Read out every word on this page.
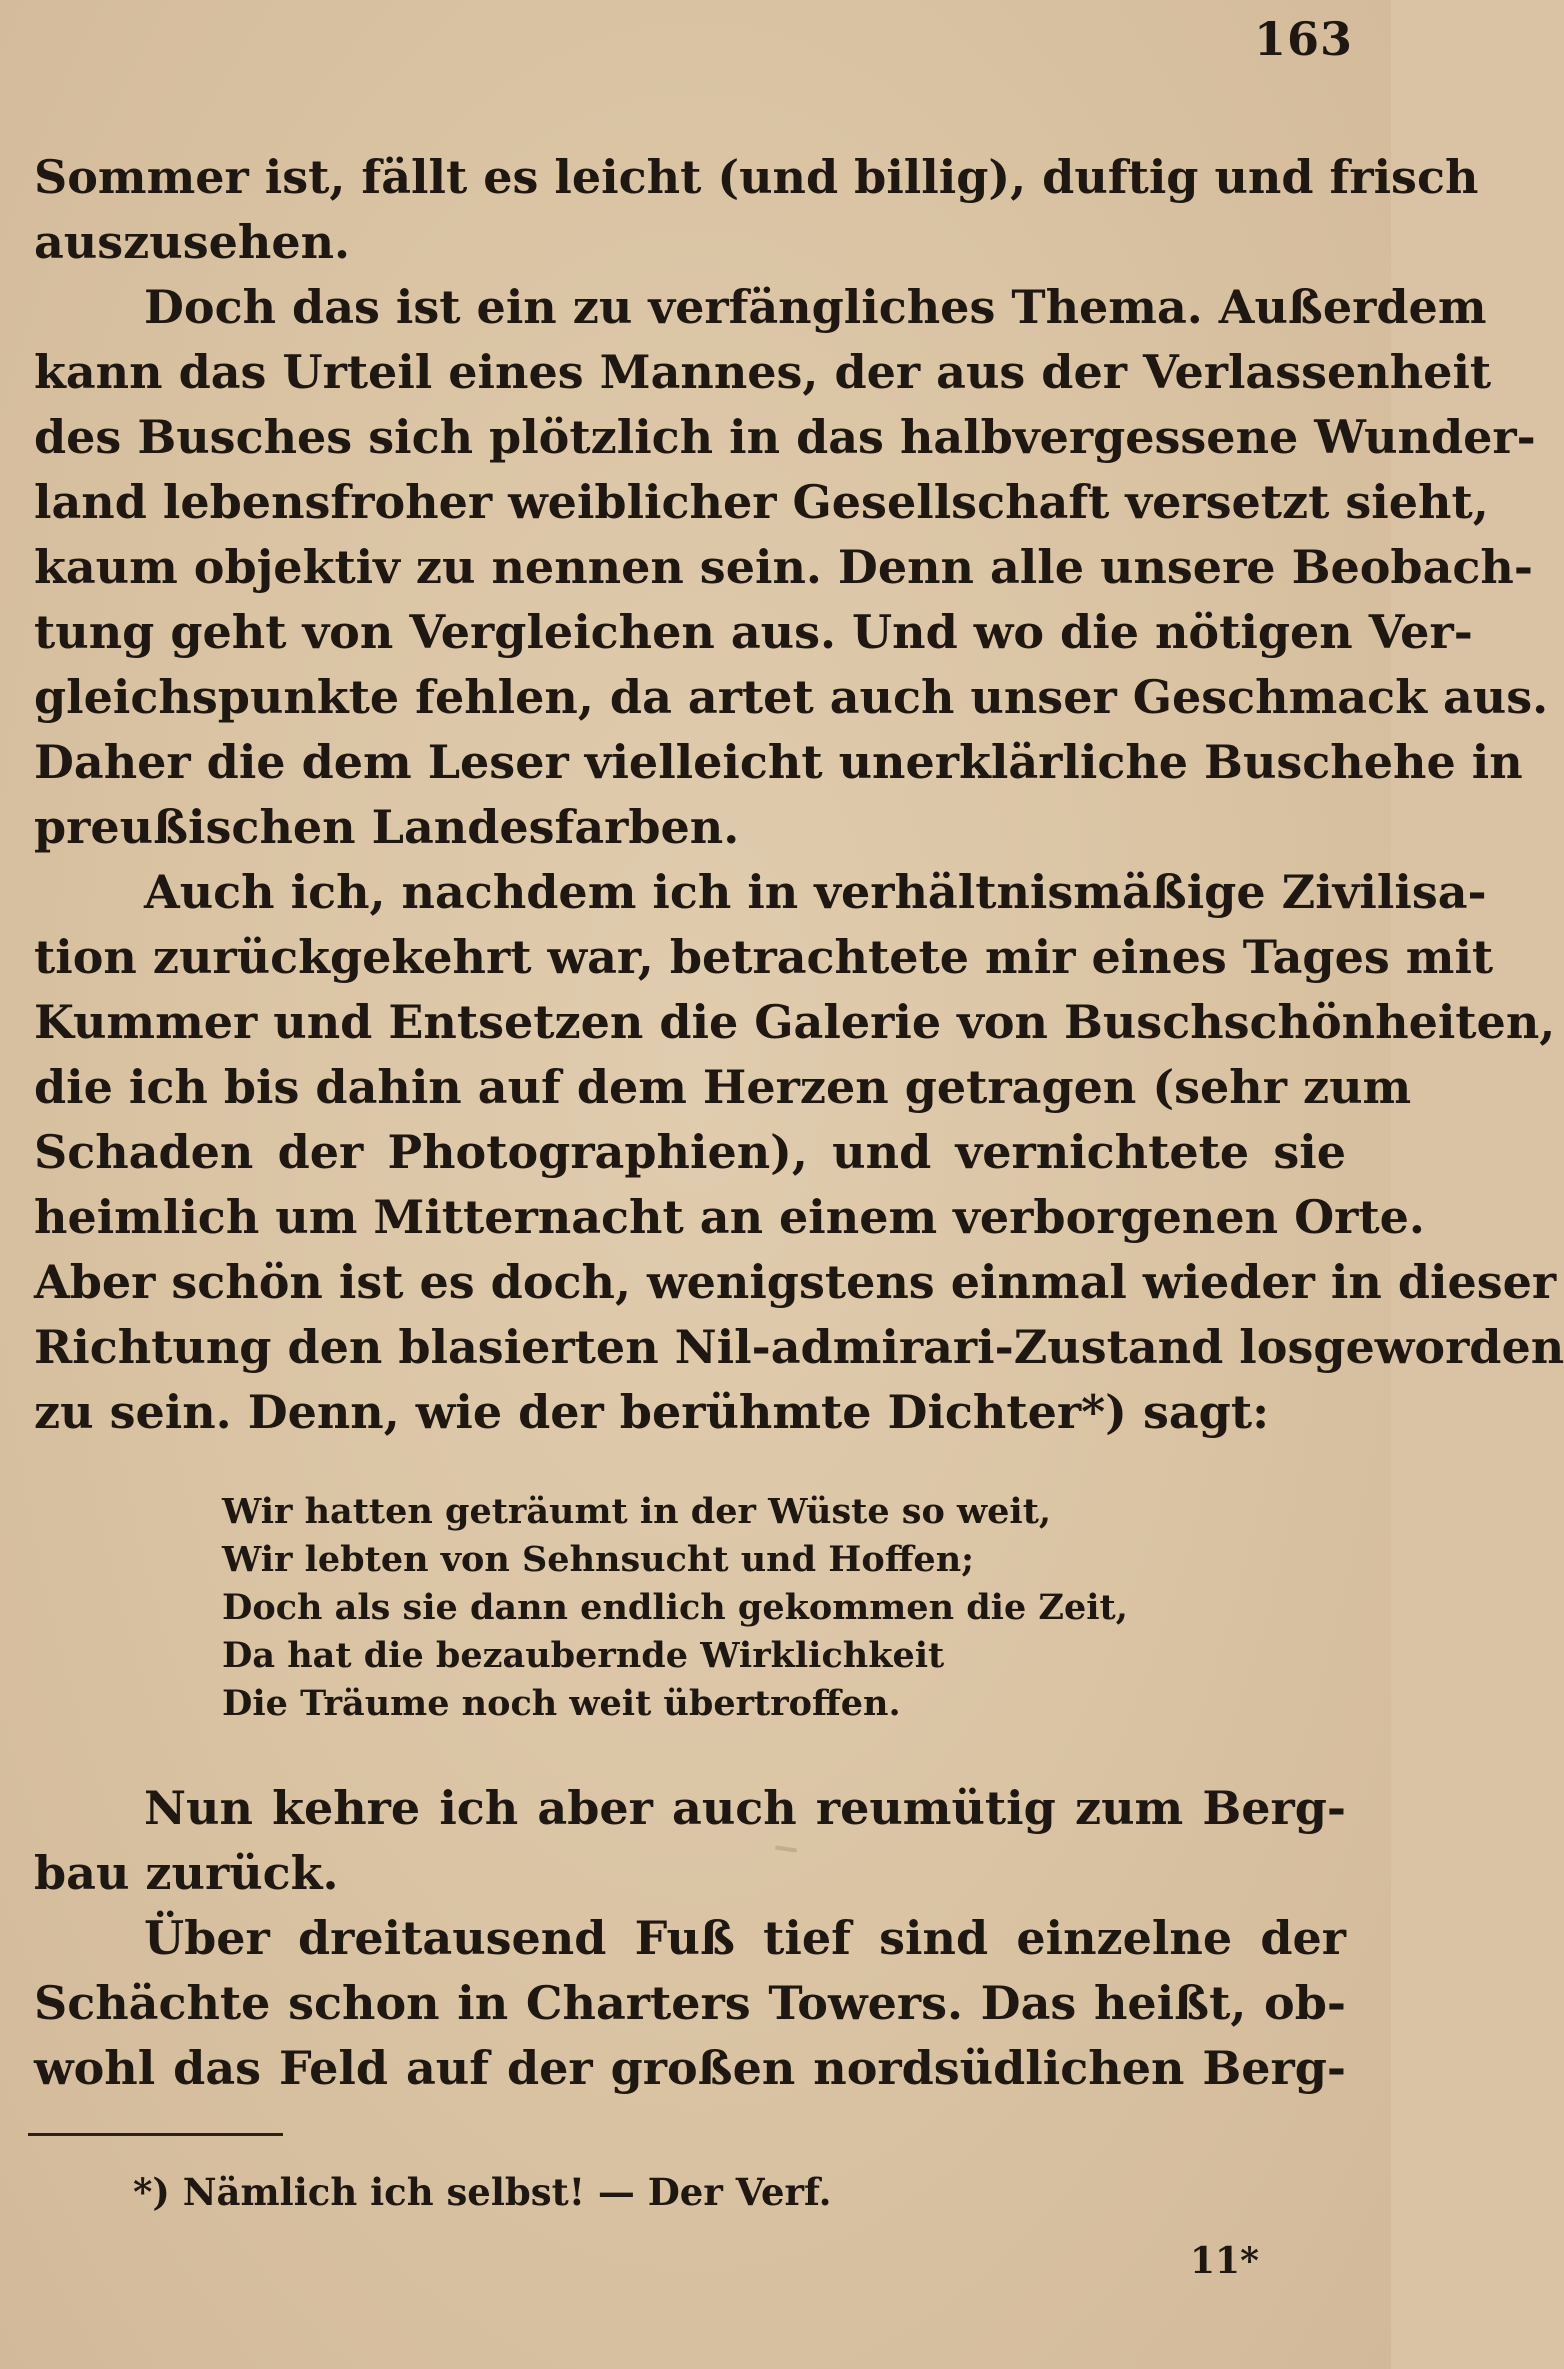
163
Sommer ist, fällt es leicht (und billig), duftig und frisch
auszusehen.
Doch das ist ein zu verfängliches Thema. Außerdem
kann das Urteil eines Mannes, der aus der Verlassenheit
des Busches sich plötzlich in das halbvergessene Wunder-
land lebensfroher weiblicher Gesellschaft versetzt sieht,
kaum objektiv zu nennen sein. Denn alle unsere Beobach-
tung geht von Vergleichen aus. Und wo die nötigen Ver-
gleichspunkte fehlen, da artet auch unser Geschmack aus.
Daher die dem Leser vielleicht unerklärliche Buschehe in
preußischen Landesfarben.
Auch ich, nachdem ich in verhältnismäßige Zivilisa-
tion zurückgekehrt war, betrachtete mir eines Tages mit
Kummer und Entsetzen die Galerie von Buschschönheiten,
die ich bis dahin auf dem Herzen getragen (sehr zum
Schaden der Photographien), und vernichtete sie
heimlich um Mitternacht an einem verborgenen Orte.
Aber schön ist es doch, wenigstens einmal wieder in dieser
Richtung den blasierten Nil-admirari-Zustand losgeworden
zu sein. Denn, wie der berühmte Dichter*) sagt:
Wir hatten geträumt in der Wüste so weit,
Wir lebten von Sehnsucht und Hoffen;
Doch als sie dann endlich gekommen die Zeit,
Da hat die bezaubernde Wirklichkeit
Die Träume noch weit übertroffen.
Nun kehre ich aber auch reumütig zum Berg-
bau zurück.
Über dreitausend Fuß tief sind einzelne der
Schächte schon in Charters Towers. Das heißt, ob-
wohl das Feld auf der großen nordsüdlichen Berg-
*) Nämlich ich selbst! — Der Verf.
11*
